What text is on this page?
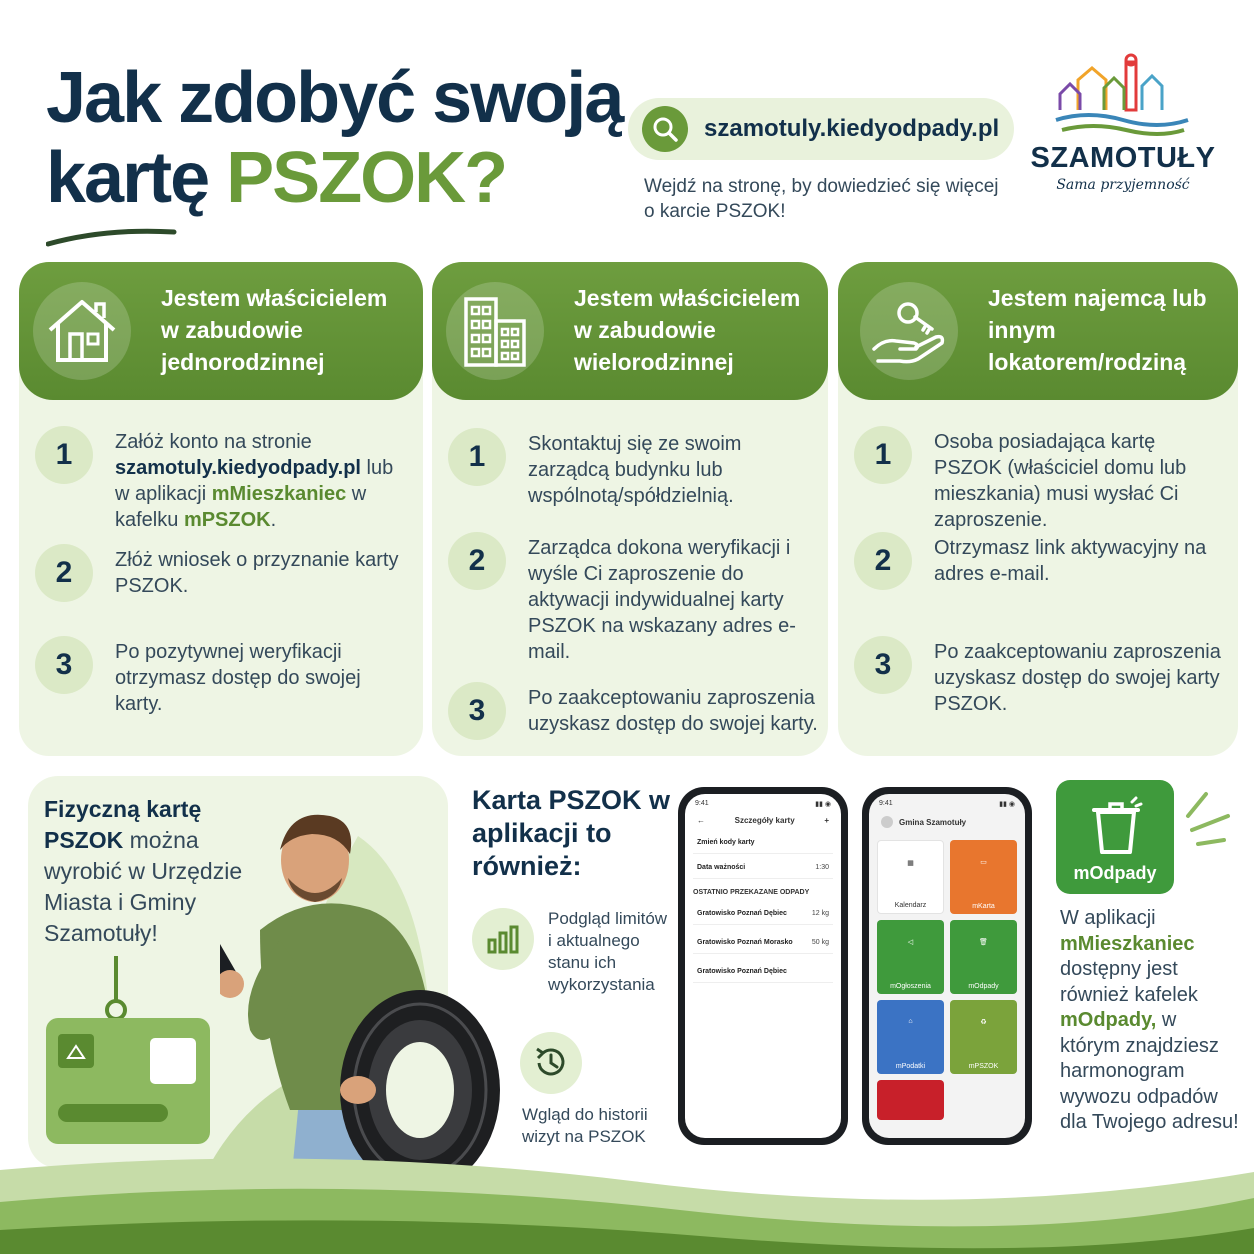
Jak zdobyć swoją
kartę PSZOK?
szamotuly.kiedyodpady.pl
Wejdź na stronę, by dowiedzieć się więcej o karcie PSZOK!
SZAMOTUŁY
Sama przyjemność
Jestem właścicielem w zabudowie jednorodzinnej
1	Załóż konto na stronie szamotuly.kiedyodpady.pl lub w aplikacji mMieszkaniec w kafelku mPSZOK.
2	Złóż wniosek o przyznanie karty PSZOK.
3	Po pozytywnej weryfikacji otrzymasz dostęp do swojej karty.
Jestem właścicielem w zabudowie wielorodzinnej
1	Skontaktuj się ze swoim zarządcą budynku lub wspólnotą/spółdzielnią.
2	Zarządca dokona weryfikacji i wyśle Ci zaproszenie do aktywacji indywidualnej karty PSZOK na wskazany adres e-mail.
3	Po zaakceptowaniu zaproszenia uzyskasz dostęp do swojej karty.
Jestem najemcą lub innym lokatorem/rodziną
1	Osoba posiadająca kartę PSZOK (właściciel domu lub mieszkania) musi wysłać Ci zaproszenie.
2	Otrzymasz link aktywacyjny na adres e-mail.
3	Po zaakceptowaniu zaproszenia uzyskasz dostęp do swojej karty PSZOK.
Fizyczną kartę PSZOK można wyrobić w Urzędzie Miasta i Gminy Szamotuły!
Karta PSZOK w aplikacji to również:
Podgląd limitów i aktualnego stanu ich wykorzystania
Wgląd do historii wizyt na PSZOK
9:41	▮▮ ◉
←	Szczegóły karty	+
Zmień kody karty
Data ważności	1:30
OSTATNIO PRZEKAZANE ODPADY
Gratowisko Poznań Dębiec	12 kg
Gratowisko Poznań Morasko	50 kg
Gratowisko Poznań Dębiec
9:41	▮▮ ◉
Gmina Szamotuły
▦
Kalendarz
▭
mKarta
◁
mOgłoszenia
🗑
mOdpady
⌂
mPodatki
♻
mPSZOK
mOdpady
W aplikacji mMieszkaniec dostępny jest również kafelek mOdpady, w którym znajdziesz harmonogram wywozu odpadów dla Twojego adresu!
